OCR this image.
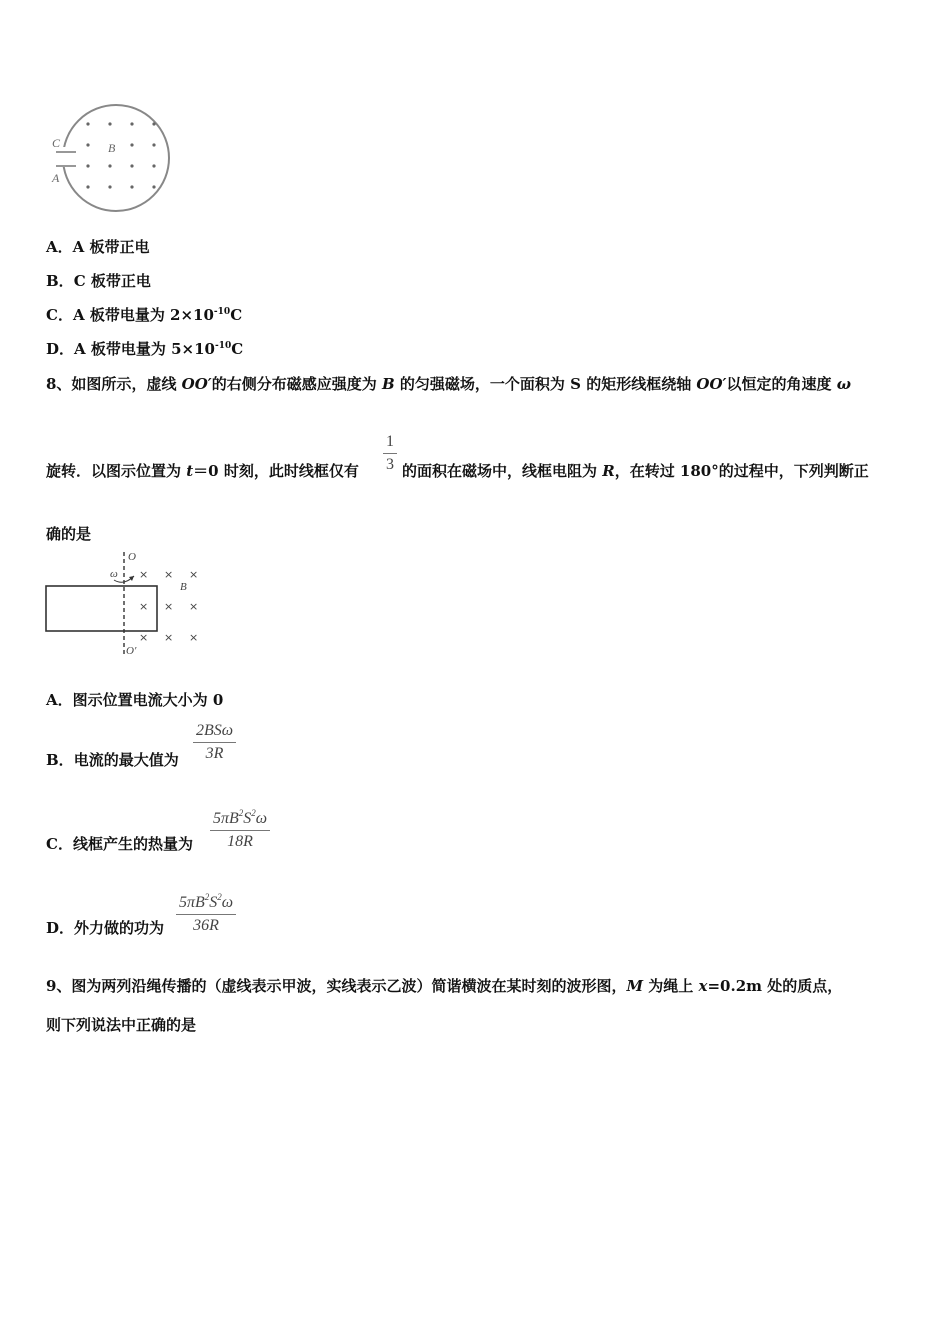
C
A
B
A．A 板带正电
B．C 板带正电
C．A 板带电量为 $2\times 10^{-10}C$
D．A 板带电量为 $5\times 10^{-10}C$
8、如图所示，虚线 OO′的右侧分布磁感应强度为 B 的匀强磁场，一个面积为 S 的矩形线框绕轴 OO′以恒定的角速度 ω
旋转．以图示位置为 t＝0 时刻，此时线框仅有 $\frac{1}{3}$ 的面积在磁场中，线框电阻为 R，在转过 180°的过程中，下列判断正
确的是
O
O′
ω
B
× × ×
× × ×
× × ×
A．图示位置电流大小为 0
B．电流的最大值为
2BSω
3R
C．线框产生的热量为 $\frac{5\pi B^2S^2\omega}{18R}$
D．外力做的功为 $\frac{5\pi B^2S^2\omega}{36R}$
9、图为两列沿绳传播的（虚线表示甲波，实线表示乙波）简谐横波在某时刻的波形图，M 为绳上 x=0.2m 处的质点，
则下列说法中正确的是
